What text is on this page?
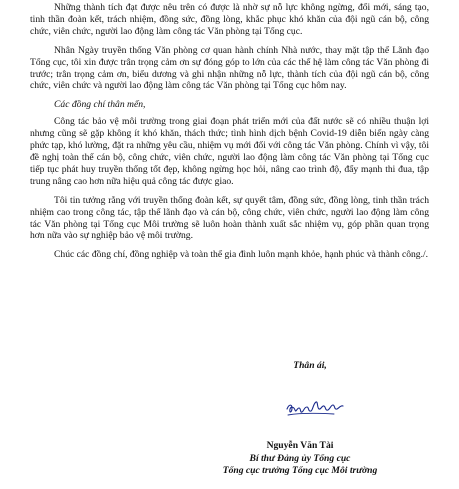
Những thành tích đạt được nêu trên có được là nhờ sự nỗ lực không ngừng, đổi mới, sáng tạo, tinh thần đoàn kết, trách nhiệm, đồng sức, đồng lòng, khắc phục khó khăn của đội ngũ cán bộ, công chức, viên chức, người lao động làm công tác Văn phòng tại Tổng cục.

Nhân Ngày truyền thống Văn phòng cơ quan hành chính Nhà nước, thay mặt tập thể Lãnh đạo Tổng cục, tôi xin được trân trọng cảm ơn sự đóng góp to lớn của các thế hệ làm công tác Văn phòng đi trước; trân trọng cảm ơn, biểu dương và ghi nhận những nỗ lực, thành tích của đội ngũ cán bộ, công chức, viên chức và người lao động làm công tác Văn phòng tại Tổng cục hôm nay.

Các đồng chí thân mến,

Công tác bảo vệ môi trường trong giai đoạn phát triển mới của đất nước sẽ có nhiều thuận lợi nhưng cũng sẽ gặp không ít khó khăn, thách thức; tình hình dịch bệnh Covid-19 diễn biến ngày càng phức tạp, khó lường, đặt ra những yêu cầu, nhiệm vụ mới đối với công tác Văn phòng. Chính vì vậy, tôi đề nghị toàn thể cán bộ, công chức, viên chức, người lao động làm công tác Văn phòng tại Tổng cục tiếp tục phát huy truyền thống tốt đẹp, không ngừng học hỏi, nâng cao trình độ, đẩy mạnh thi đua, tập trung nâng cao hơn nữa hiệu quả công tác được giao.

Tôi tin tưởng rằng với truyền thống đoàn kết, sự quyết tâm, đồng sức, đồng lòng, tinh thần trách nhiệm cao trong công tác, tập thể lãnh đạo và cán bộ, công chức, viên chức, người lao động làm công tác Văn phòng tại Tổng cục Môi trường sẽ luôn hoàn thành xuất sắc nhiệm vụ, góp phần quan trọng hơn nữa vào sự nghiệp bảo vệ môi trường.

Chúc các đồng chí, đồng nghiệp và toàn thể gia đình luôn mạnh khỏe, hạnh phúc và thành công./.

Thân ái,
Nguyễn Văn Tài
Bí thư Đảng ủy Tổng cục
Tổng cục trưởng Tổng cục Môi trường
